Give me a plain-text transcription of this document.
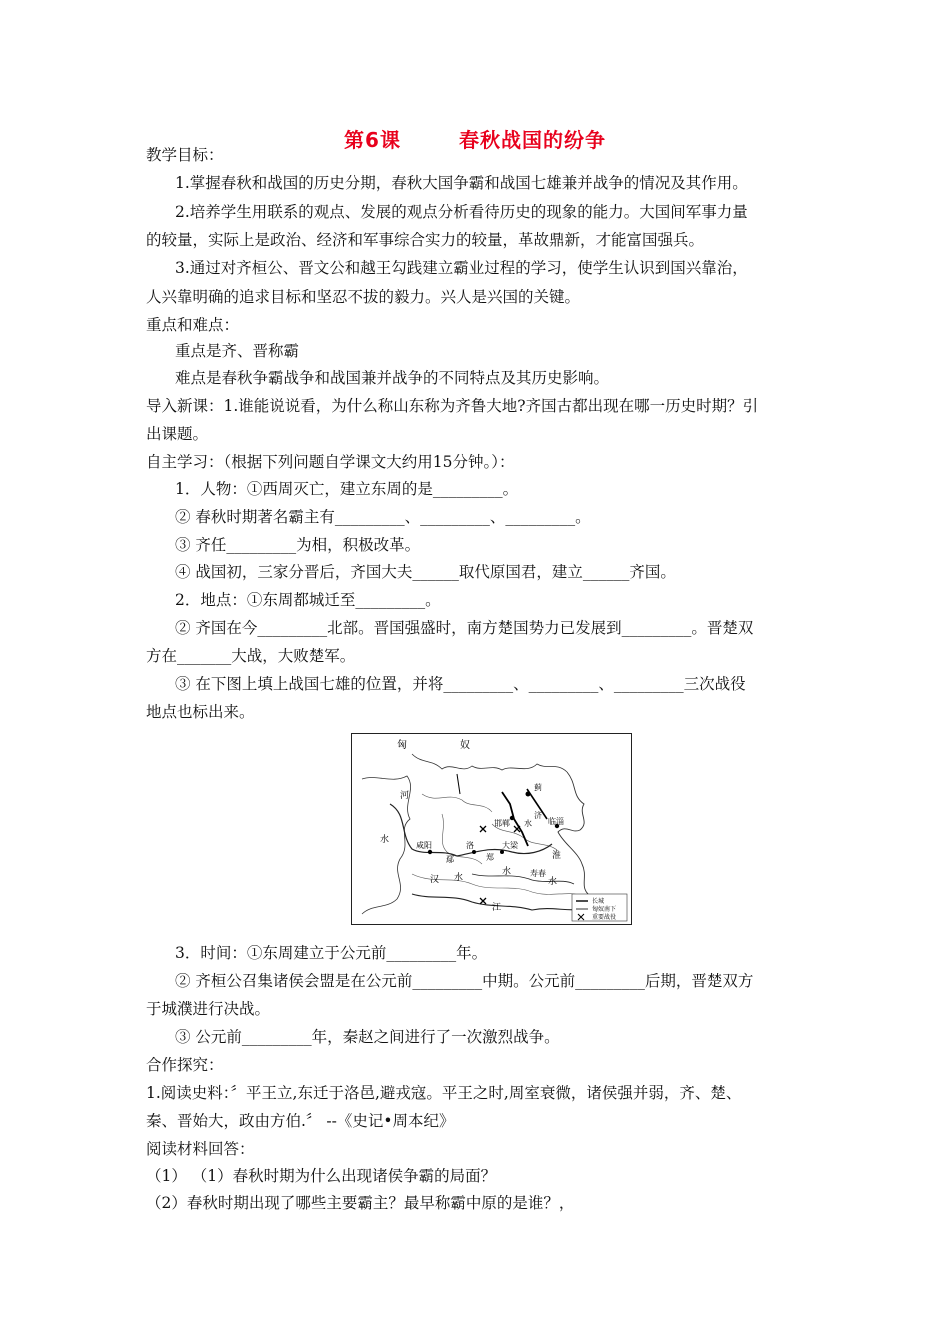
第6课	春秋战国的纷争
教学目标：
1.掌握春秋和战国的历史分期，春秋大国争霸和战国七雄兼并战争的情况及其作用。
2.培养学生用联系的观点、发展的观点分析看待历史的现象的能力。大国间军事力量
的较量，实际上是政治、经济和军事综合实力的较量，革故鼎新，才能富国强兵。
3.通过对齐桓公、晋文公和越王勾践建立霸业过程的学习，使学生认识到国兴靠治，
人兴靠明确的追求目标和坚忍不拔的毅力。兴人是兴国的关键。
重点和难点：
重点是齐、晋称霸
难点是春秋争霸战争和战国兼并战争的不同特点及其历史影响。
导入新课：1.谁能说说看，为什么称山东称为齐鲁大地?齐国古都出现在哪一历史时期？引
出课题。
自主学习：（根据下列问题自学课文大约用15分钟。）：
1．人物：①西周灭亡，建立东周的是_________。
② 春秋时期著名霸主有_________、_________、_________。
③ 齐任_________为相，积极改革。
④ 战国初，三家分晋后，齐国大夫______取代原国君，建立______齐国。
2．地点：①东周都城迁至_________。
② 齐国在今_________北部。晋国强盛时，南方楚国势力已发展到_________。晋楚双
方在_______大战，大败楚军。
③ 在下图上填上战国七雄的位置，并将_________、_________、_________三次战役
地点也标出来。
匈	奴
河
水
蓟
邯郸
济
水 临淄
咸阳	洛	大梁
郑	淮
鄢
寿春
汉 水
水
江
水
长城
匈奴南下
重要战役
3．时间：①东周建立于公元前_________年。
② 齐桓公召集诸侯会盟是在公元前_________中期。公元前_________后期，晋楚双方
于城濮进行决战。
③ 公元前_________年，秦赵之间进行了一次激烈战争。
合作探究：
1.阅读史料：〞平王立,东迁于洛邑,避戎寇。平王之时,周室衰微，诸侯强并弱，齐、楚、
秦、晋始大，政由方伯.〞 --《史记•周本纪》
阅读材料回答：
（1） （1）春秋时期为什么出现诸侯争霸的局面？
（2）春秋时期出现了哪些主要霸主？最早称霸中原的是谁？，
